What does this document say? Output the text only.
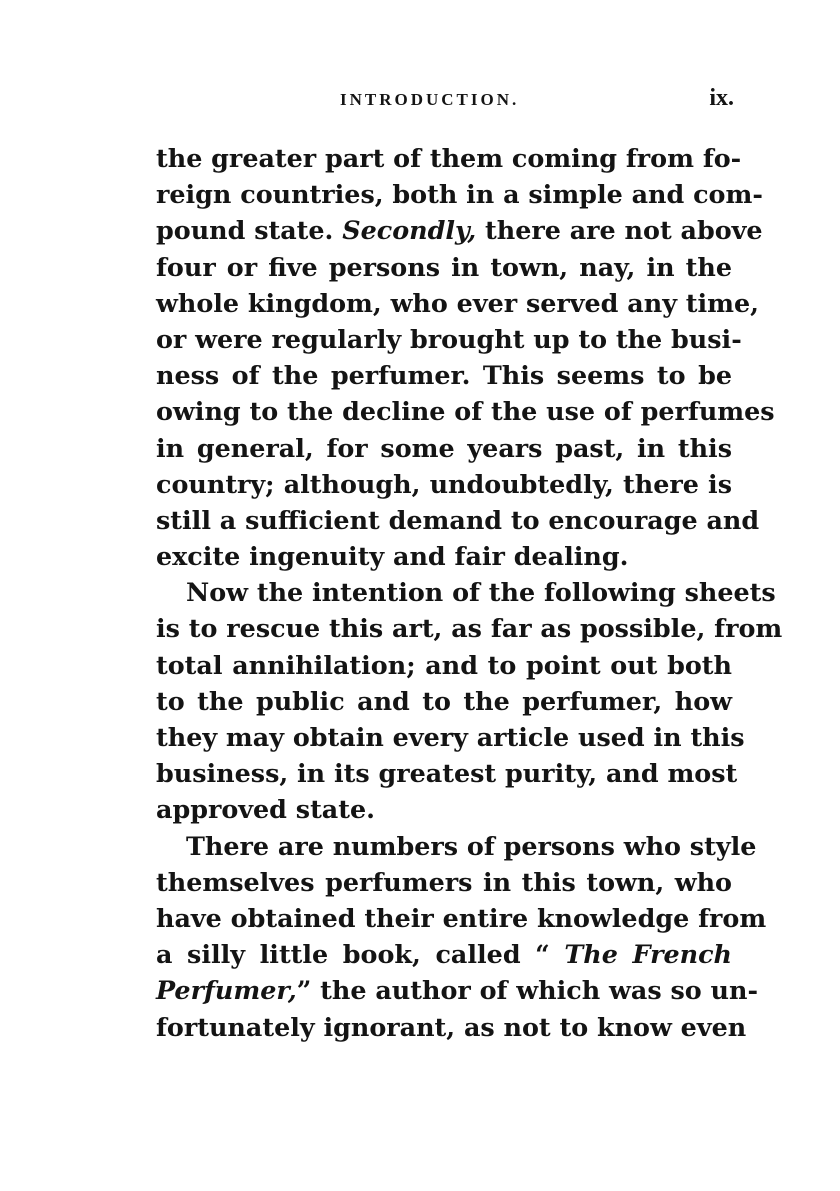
INTRODUCTION.	ix.
the greater part of them coming from fo-
reign countries, both in a simple and com-
pound state. Secondly, there are not above
four or five persons in town, nay, in the
whole kingdom, who ever served any time,
or were regularly brought up to the busi-
ness of the perfumer. This seems to be
owing to the decline of the use of perfumes
in general, for some years past, in this
country; although, undoubtedly, there is
still a sufficient demand to encourage and
excite ingenuity and fair dealing.
Now the intention of the following sheets
is to rescue this art, as far as possible, from
total annihilation; and to point out both
to the public and to the perfumer, how
they may obtain every article used in this
business, in its greatest purity, and most
approved state.
There are numbers of persons who style
themselves perfumers in this town, who
have obtained their entire knowledge from
a silly little book, called “ The French
Perfumer,” the author of which was so un-
fortunately ignorant, as not to know even
